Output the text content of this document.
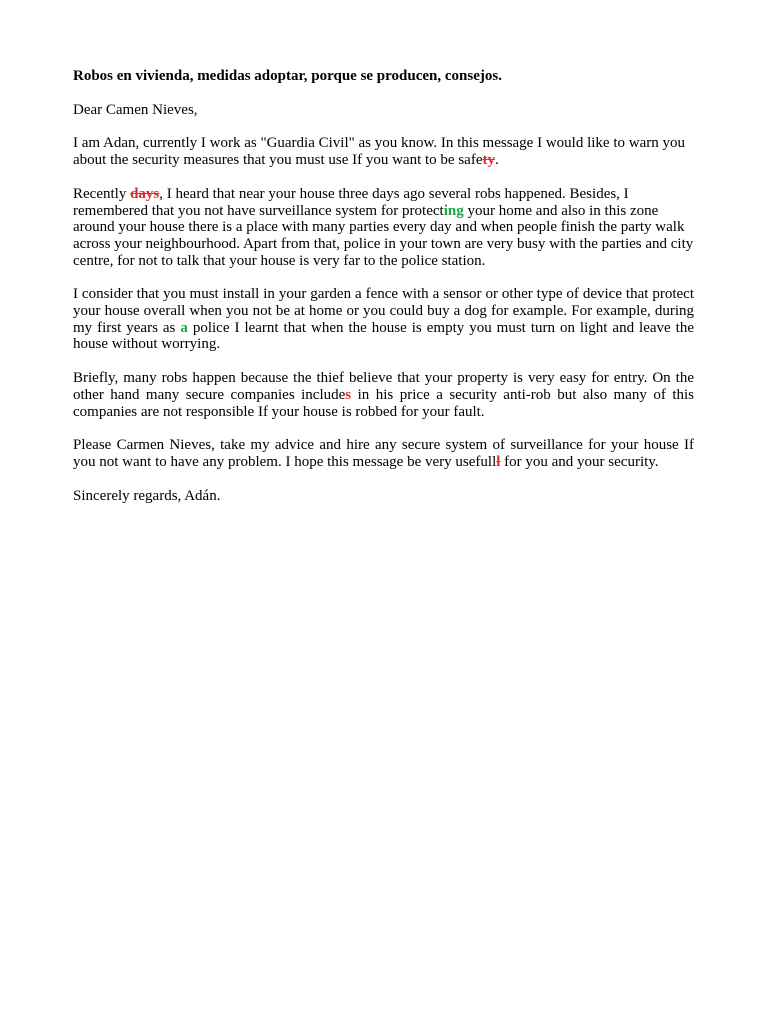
Robos en vivienda, medidas adoptar, porque se producen, consejos.

Dear Camen Nieves,

I am Adan, currently I work as "Guardia Civil" as you know. In this message I would like to warn you about the security measures that you must use If you want to be safety.

Recently days, I heard that near your house three days ago several robs happened. Besides, I remembered that you not have surveillance system for protecting your home and also in this zone around your house there is a place with many parties every day and when people finish the party walk across your neighbourhood. Apart from that, police in your town are very busy with the parties and city centre, for not to talk that your house is very far to the police station.

I consider that you must install in your garden a fence with a sensor or other type of device that protect your house overall when you not be at home or you could buy a dog for example. For example, during my first years as a police I learnt that when the house is empty you must turn on light and leave the house without worrying.

Briefly, many robs happen because the thief believe that your property is very easy for entry. On the other hand many secure companies includes in his price a security anti-rob but also many of this companies are not responsible If your house is robbed for your fault.

Please Carmen Nieves, take my advice and hire any secure system of surveillance for your house If you not want to have any problem. I hope this message be very usefulll for you and your security.

Sincerely regards, Adán.
